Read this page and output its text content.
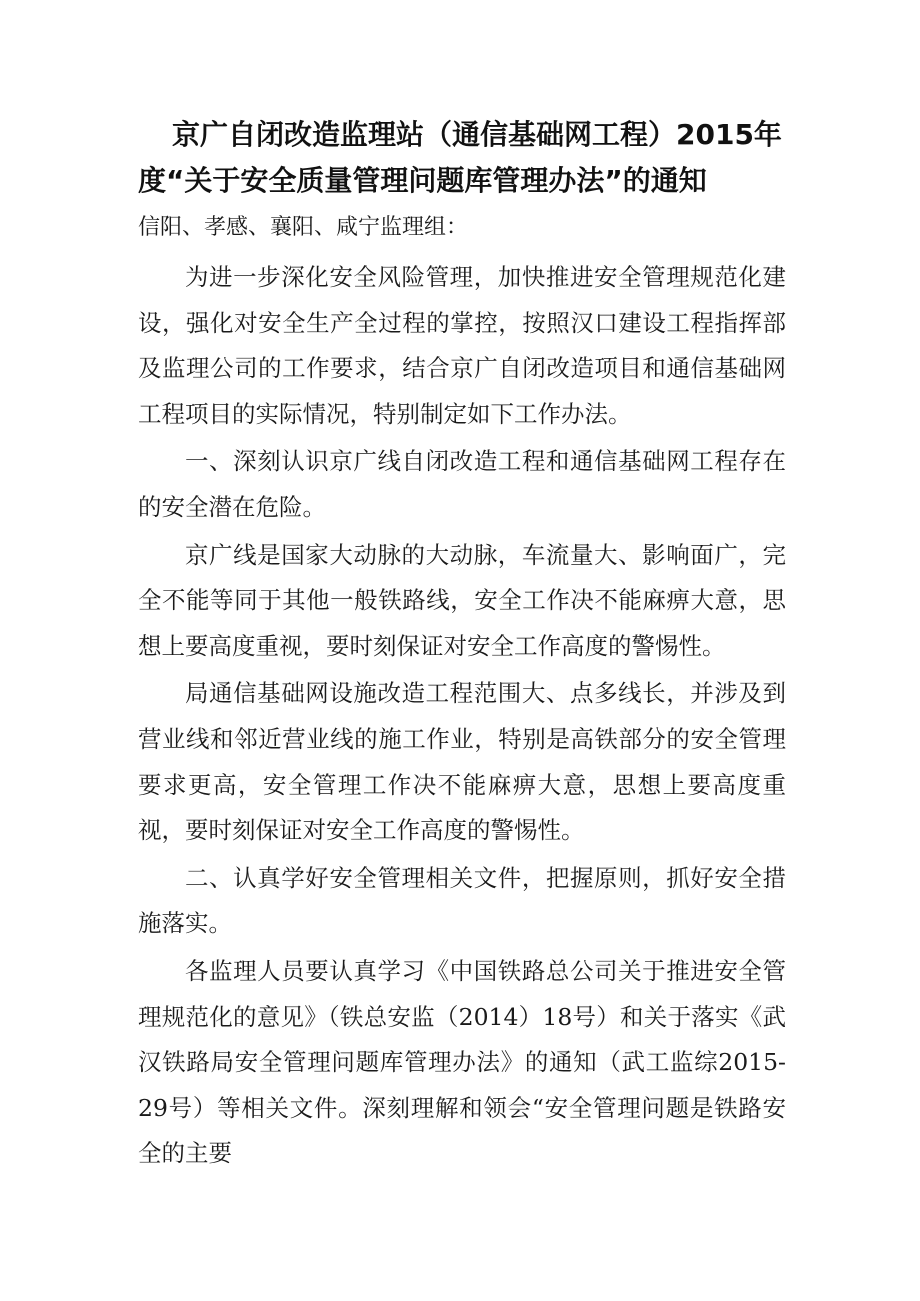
京广自闭改造监理站（通信基础网工程）2015年度“关于安全质量管理问题库管理办法”的通知

信阳、孝感、襄阳、咸宁监理组：

为进一步深化安全风险管理，加快推进安全管理规范化建设，强化对安全生产全过程的掌控，按照汉口建设工程指挥部及监理公司的工作要求，结合京广自闭改造项目和通信基础网工程项目的实际情况，特别制定如下工作办法。

一、深刻认识京广线自闭改造工程和通信基础网工程存在的安全潜在危险。

京广线是国家大动脉的大动脉，车流量大、影响面广，完全不能等同于其他一般铁路线，安全工作决不能麻痹大意，思想上要高度重视，要时刻保证对安全工作高度的警惕性。

局通信基础网设施改造工程范围大、点多线长，并涉及到营业线和邻近营业线的施工作业，特别是高铁部分的安全管理要求更高，安全管理工作决不能麻痹大意，思想上要高度重视，要时刻保证对安全工作高度的警惕性。

二、认真学好安全管理相关文件，把握原则，抓好安全措施落实。

各监理人员要认真学习《中国铁路总公司关于推进安全管理规范化的意见》（铁总安监（2014）18号）和关于落实《武汉铁路局安全管理问题库管理办法》的通知（武工监综2015-29号）等相关文件。深刻理解和领会“安全管理问题是铁路安全的主要
